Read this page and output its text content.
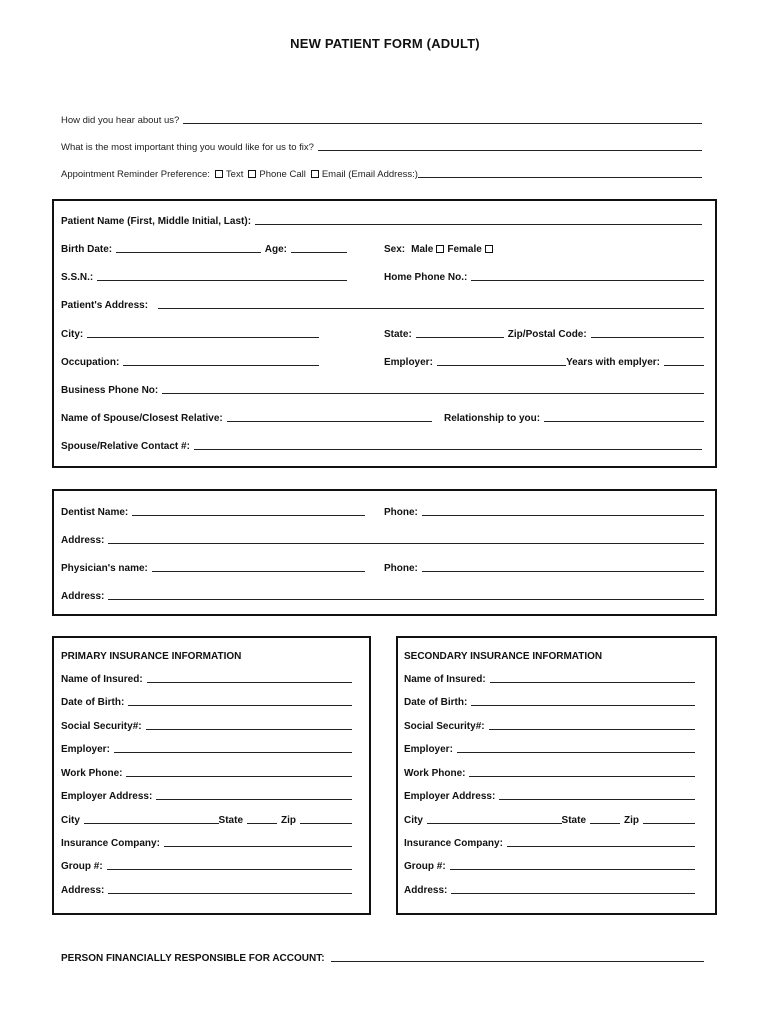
NEW PATIENT FORM (ADULT)
How did you hear about us?
What is the most important thing you would like for us to fix?
Appointment Reminder Preference: Text Phone Call Email (Email Address:)
Patient Name (First, Middle Initial, Last):
Birth Date:	Age:	Sex: Male Female
S.S.N.:	Home Phone No.:
Patient's Address:
City:	State:	Zip/Postal Code:
Occupation:	Employer:	Years with emplyer:
Business Phone No:
Name of Spouse/Closest Relative:	Relationship to you:
Spouse/Relative Contact #:
Dentist Name:	Phone:
Address:
Physician's name:	Phone:
Address:
PRIMARY INSURANCE INFORMATION
Name of Insured:
Date of Birth:
Social Security#:
Employer:
Work Phone:
Employer Address:
City	State	Zip
Insurance Company:
Group #:
Address:
SECONDARY INSURANCE INFORMATION
Name of Insured:
Date of Birth:
Social Security#:
Employer:
Work Phone:
Employer Address:
City	State	Zip
Insurance Company:
Group #:
Address:
PERSON FINANCIALLY RESPONSIBLE FOR ACCOUNT:
